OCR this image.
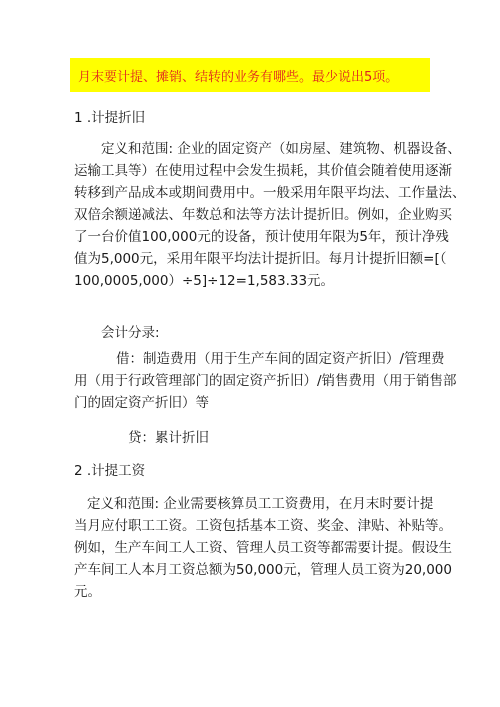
月末要计提、摊销、结转的业务有哪些。最少说出5项。
1 .计提折旧
定义和范围: 企业的固定资产（如房屋、建筑物、机器设备、
运输工具等）在使用过程中会发生损耗，其价值会随着使用逐渐
转移到产品成本或期间费用中。一般采用年限平均法、工作量法、
双倍余额递减法、年数总和法等方法计提折旧。例如，企业购买
了一台价值100,000元的设备，预计使用年限为5年，预计净残
值为5,000元，采用年限平均法计提折旧。每月计提折旧额=[（
100,0005,000）÷5]÷12=1,583.33元。
会计分录:
借：制造费用（用于生产车间的固定资产折旧）/管理费
用（用于行政管理部门的固定资产折旧）/销售费用（用于销售部
门的固定资产折旧）等
贷：累计折旧
2 .计提工资
定义和范围: 企业需要核算员工工资费用，在月末时要计提
当月应付职工工资。工资包括基本工资、奖金、津贴、补贴等。
例如，生产车间工人工资、管理人员工资等都需要计提。假设生
产车间工人本月工资总额为50,000元，管理人员工资为20,000
元。
